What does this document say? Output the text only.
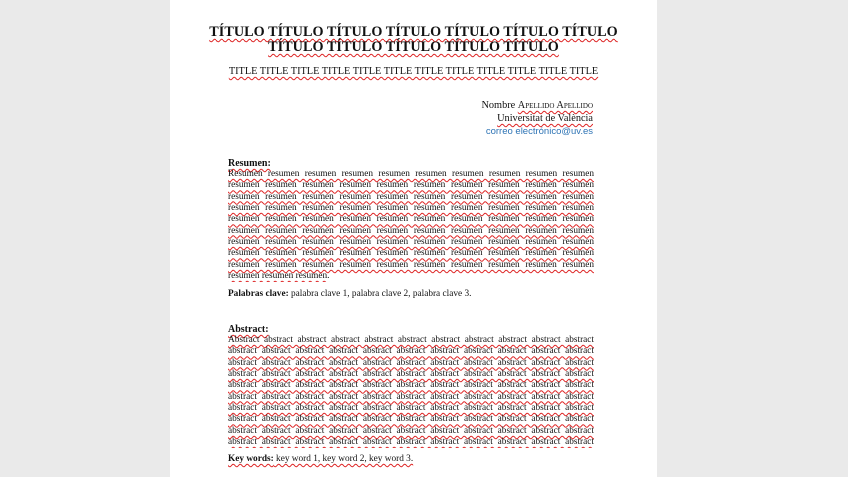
TÍTULO TÍTULO TÍTULO TÍTULO TÍTULO TÍTULO TÍTULO
TÍTULO TÍTULO TÍTULO TÍTULO TÍTULO
TITLE TITLE TITLE TITLE TITLE TITLE TITLE TITLE TITLE TITLE TITLE TITLE
Nombre Apellido Apellido
Universitat de València
correo electrónico@uv.es
Resumen:
Resumen resumen resumen resumen resumen resumen resumen resumen resumen resumen resumen resumen resumen resumen resumen resumen resumen resumen resumen resumen resumen resumen resumen resumen resumen resumen resumen resumen resumen resumen resumen resumen resumen resumen resumen resumen resumen resumen resumen resumen resumen resumen resumen resumen resumen resumen resumen resumen resumen resumen resumen resumen resumen resumen resumen resumen resumen resumen resumen resumen resumen resumen resumen resumen resumen resumen resumen resumen resumen resumen resumen resumen resumen resumen resumen resumen resumen resumen resumen resumen resumen resumen resumen resumen resumen resumen resumen resumen resumen resumen resumen resumen resumen.
Palabras clave: palabra clave 1, palabra clave 2, palabra clave 3.
Abstract:
Abstract abstract abstract abstract abstract abstract abstract abstract abstract abstract abstract abstract abstract abstract abstract abstract abstract abstract abstract abstract abstract abstract abstract abstract abstract abstract abstract abstract abstract abstract abstract abstract abstract abstract abstract abstract abstract abstract abstract abstract abstract abstract abstract abstract abstract abstract abstract abstract abstract abstract abstract abstract abstract abstract abstract abstract abstract abstract abstract abstract abstract abstract abstract abstract abstract abstract abstract abstract abstract abstract abstract abstract abstract abstract abstract abstract abstract abstract abstract abstract abstract abstract abstract abstract abstract abstract abstract abstract abstract abstract abstract abstract abstract abstract abstract abstract abstract abstract abstract abstract abstract abstract abstract abstract abstract abstract abstract abstract abstract abstract
Key words: key word 1, key word 2, key word 3.
